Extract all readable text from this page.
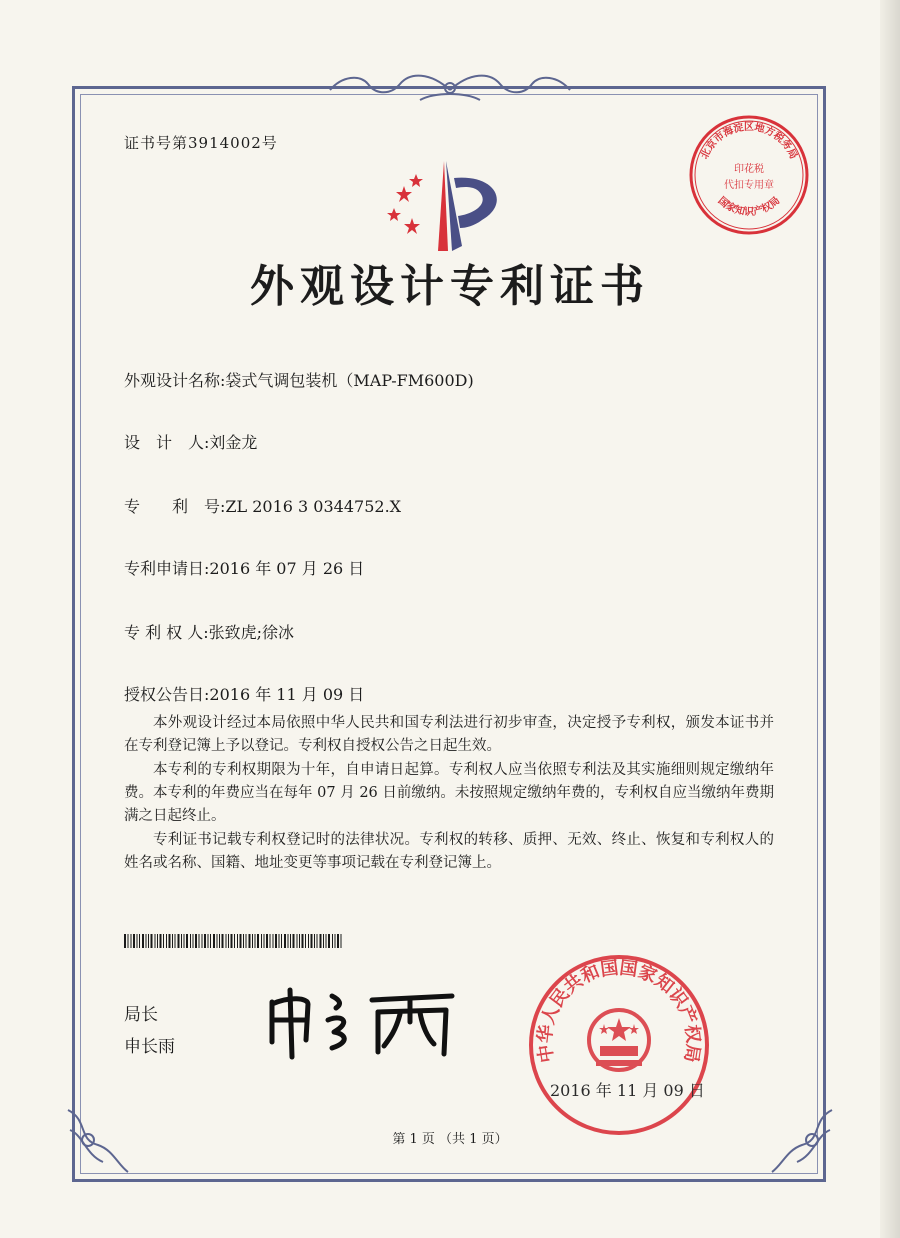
证书号第3914002号
外观设计专利证书
北京市海淀区地方税务局
国家知识产权局
印花税
代扣专用章
外观设计名称:袋式气调包装机（MAP-FM600D)
设　计　人:刘金龙
专　　利　号:ZL 2016 3 0344752.X
专利申请日:2016 年 07 月 26 日
专 利 权 人:张致虎;徐冰
授权公告日:2016 年 11 月 09 日

本外观设计经过本局依照中华人民共和国专利法进行初步审查，决定授予专利权，颁发本证书并在专利登记簿上予以登记。专利权自授权公告之日起生效。

本专利的专利权期限为十年，自申请日起算。专利权人应当依照专利法及其实施细则规定缴纳年费。本专利的年费应当在每年 07 月 26 日前缴纳。未按照规定缴纳年费的，专利权自应当缴纳年费期满之日起终止。

专利证书记载专利权登记时的法律状况。专利权的转移、质押、无效、终止、恢复和专利权人的姓名或名称、国籍、地址变更等事项记载在专利登记簿上。

局长
申长雨	中华人民共和国国家知识产权局
2016 年 11 月 09 日
第 1 页 （共 1 页）
